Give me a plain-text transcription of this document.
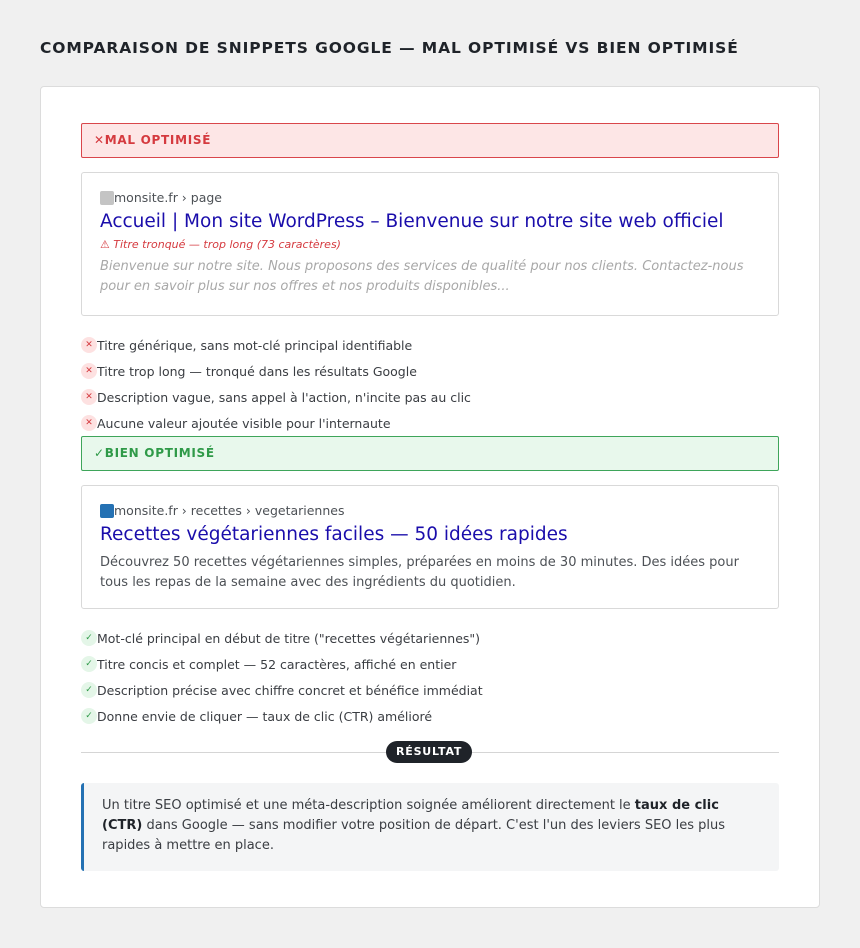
COMPARAISON DE SNIPPETS GOOGLE — MAL OPTIMISÉ VS BIEN OPTIMISÉ
✕MAL OPTIMISÉ
monsite.fr › page
Accueil | Mon site WordPress – Bienvenue sur notre site web officiel
⚠ Titre tronqué — trop long (73 caractères)
Bienvenue sur notre site. Nous proposons des services de qualité pour nos clients. Contactez-nous pour en savoir plus sur nos offres et nos produits disponibles...
✕ Titre générique, sans mot-clé principal identifiable
✕ Titre trop long — tronqué dans les résultats Google
✕ Description vague, sans appel à l'action, n'incite pas au clic
✕ Aucune valeur ajoutée visible pour l'internaute
✓BIEN OPTIMISÉ
monsite.fr › recettes › vegetariennes
Recettes végétariennes faciles — 50 idées rapides
Découvrez 50 recettes végétariennes simples, préparées en moins de 30 minutes. Des idées pour tous les repas de la semaine avec des ingrédients du quotidien.
✓ Mot-clé principal en début de titre ("recettes végétariennes")
✓ Titre concis et complet — 52 caractères, affiché en entier
✓ Description précise avec chiffre concret et bénéfice immédiat
✓ Donne envie de cliquer — taux de clic (CTR) amélioré
RÉSULTAT
Un titre SEO optimisé et une méta-description soignée améliorent directement le taux de clic (CTR) dans Google — sans modifier votre position de départ. C'est l'un des leviers SEO les plus rapides à mettre en place.
